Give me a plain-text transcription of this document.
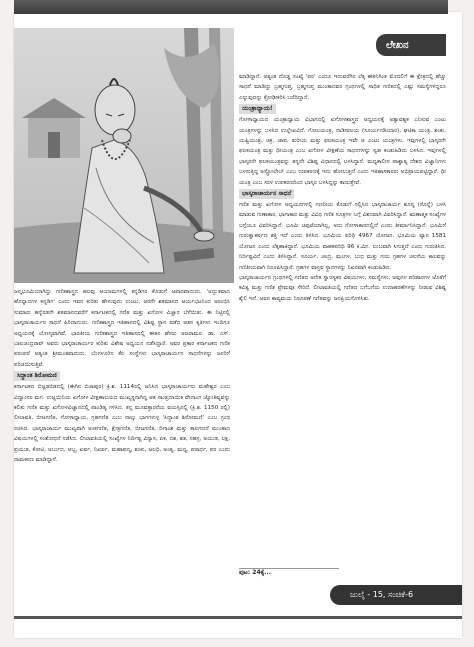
ಲೇಖನ

ಮಾಡಿದ್ದಾನೆ. ಅತ್ಯಂತ ದೊಡ್ಡ ಸಂಖ್ಯೆ 'ಪರ' ಎಂದೂ ಇದುವರೆಗಿನ ಲೆಕ್ಕ ಈತನಿಗಿಂತ ಮೊದಲಿಗೆ ಈ ಕ್ಷೇತ್ರದಲ್ಲಿ ಹೆಚ್ಚು ಸಾಧನೆ ಮಾಡಿದ್ದು ಬ್ರಹ್ಮಗುಪ್ತ. ಬ್ರಹ್ಮಗುಪ್ತ ಮುಂತಾದವರ ಗ್ರಂಥಗಳಲ್ಲಿ ಸಾಧಿತ ಗಣಿತದಲ್ಲಿ ಎಷ್ಟು ಸಮಸ್ಯೆಗಳಿದ್ದರೂ ಎನ್ನುವುದನ್ನು ಕ್ರೋಢೀಕರಿಸಿ ಬರೆದಿದ್ದಾನೆ.

ಯಂತ್ರಾಧ್ಯಾಯ!

ಗೋಳಾಧ್ಯಾಯದ ಯಂತ್ರಾಧ್ಯಾಯ ವಿಭಾಗದಲ್ಲಿ ಖಗೋಳಶಾಸ್ತ್ರದ ಅಧ್ಯಯನಕ್ಕೆ ಅತ್ಯಾವಶ್ಯಕ ಎನಿಸುವ ಎಂಟು ಯಂತ್ರಗಳನ್ನು ಬಳಸಿದ ಉಲ್ಲೇಖವಿದೆ. ಗೋಲಯಂತ್ರ, ನಾಡೀವಲಯ (ಸೂರ್ಯಗಡಿಯಾರ), ಘಟಿಕಾ ಯಂತ್ರ, ಶಂಕು, ಯಷ್ಟಿಯಂತ್ರ, ಚಕ್ರ, ಚಾಪ, ತುರೀಯ ಮತ್ತು ಫಲಕಯಂತ್ರ ಇವೇ ಆ ಎಂಟು ಯಂತ್ರಗಳು. ಇವುಗಳಲ್ಲಿ ಭಾಸ್ಕರನೇ ಫಲಕಯಂತ್ರ ಮತ್ತು ಧೀಯಂತ್ರ ಎಂಬ ಖಗೋಳ ವೀಕ್ಷಣೆಯ ಸಾಧನಗಳನ್ನು ಸ್ವತಃ ಕಂಡುಹಿಡಿದು ಬಳಸಿದ. ಇವುಗಳಲ್ಲಿ ಭಾಸ್ಕರನೇ ಫಲಕಯಂತ್ರವನ್ನು ತನ್ನದೇ ವಿಶಿಷ್ಟ ವಿಧಾನದಲ್ಲಿ ಬಳಸಿದ್ದಾನೆ. ಮಧ್ಯಕಾಲೀನ ಪಾಶ್ಚಾತ್ಯ ದೇಶದ ವಿಜ್ಞಾನಿಗಳು ಬಳಸುತ್ತಿದ್ದ ಅಸ್ಟ್ರೋಲೇಬ್ ಎಂಬ ಉಪಕರಣಕ್ಕೆ ಇದು ಹೋಲುತ್ತದೆ ಎಂದು ಇತಿಹಾಸಕಾರರು ಅಭಿಪ್ರಾಯಪಟ್ಟಿದ್ದಾರೆ. ಧೀ ಯಂತ್ರ ಎಂಬ ಸರಳ ಉಪಕರಣದಿಂದ ಭಾಸ್ಕರ ಬಳಸಿದ್ದನ್ನು ಕಾಣುತ್ತೇವೆ.

ಭಾಸ್ಕರಾಚಾರ್ಯನ ಸಾಧನೆ

ಗಣಿತ ಮತ್ತು ಖಗೋಳ ಅಧ್ಯಯನಗಳಲ್ಲಿ ಗಣನೀಯ ಕೊಡುಗೆ ಸಲ್ಲಿಸಿದ ಭಾಸ್ಕರಾಚಾರ್ಯ ಶೂನ್ಯ (ಸೊನ್ನೆ) ಬಳಸಿ ಮಾಡುವ ಗುಣಾಕಾರ, ಭಾಗಾಕಾರ ಮತ್ತು ವಿವಿಧ ಗಣಿತ ಸೂತ್ರಗಳ ಬಗ್ಗೆ ವಿಶದವಾಗಿ ವಿವರಿಸಿದ್ದಾನೆ. ಋಣಾತ್ಮಕ ಸಂಖ್ಯೆಗಳ ಬಗ್ಗೆಯೂ ವಿವರಿಸಿದ್ದಾನೆ. ಭೂಮಿ ಚಪ್ಪಟೆಯಾಗಿಲ್ಲ, ಅದು ಗೋಳಾಕಾರದಲ್ಲಿದೆ ಎಂದು ತೀರ್ಮಾನಿಸಿದ್ದಾನೆ. ಭೂಮಿಗೆ ಗುರುತ್ವಾಕರ್ಷಣ ಶಕ್ತಿ ಇದೆ ಎಂದು ತಿಳಿಸಿದ. ಭೂಮಿಯ ಪರಿಧಿ 4967 ಯೋಜನ. ಭೂಮಿಯ ವ್ಯಾಸ 1581 ಯೋಜನ ಎಂದು ಲೆಕ್ಕಹಾಕಿದ್ದಾನೆ. ಭೂಮಿಯ ವಾಹಕಪರಿಧಿ 96 ಕಿ.ಮೀ. ಲಂಬವಾಗಿ ಸಿಗುತ್ತದೆ ಎಂದು ಗುರುತಿಸಿದ. ನಿರ್ದಿಷ್ಟವಿದೆ ಎಂದು ತಿಳಿಸಿದ್ದಾನೆ. ಸೂರ್ಯ, ಚಂದ್ರ, ಮಂಗಳ, ಬುಧ ಮತ್ತು ಗುರು ಗ್ರಹಗಳ ಚಲನೆಯ ಕಾಲವನ್ನು ಗಣಿತೀಯವಾಗಿ ನಿರೂಪಿಸಿದ್ದಾನೆ. ಗ್ರಹಗಳ ವಾಸ್ತವ ಸ್ಥಾನಗಳನ್ನು ನಿಖರವಾಗಿ ಕಂಡುಹಿಡಿದ.

ಭಾಸ್ಕರಾಚಾರ್ಯನ ಗ್ರಂಥಗಳಲ್ಲಿ ಗಣಿತದ ಅನೇಕ ಸ್ವಾರಸ್ಯಕರ ವಿಷಯಗಳು, ಸಮಸ್ಯೆಗಳು, ಅವುಗಳ ಪರಿಹಾರಗಳ ಜೊತೆಗೆ ಕವಿತ್ವ ಮತ್ತು ಗಣಿತ ಪ್ರೇಮವೂ ಸೇರಿದೆ. ಲೀಲಾವತಿಯಲ್ಲಿ ಗಣಿತದ ಬಗೆಬಗೆಯ ಉದಾಹರಣೆಗಳನ್ನು ನೀಡುವ ವಿಶಿಷ್ಟ ಶೈಲಿ ಇದೆ. ಅವನ ಕಾವ್ಯಮಯ ನಿರೂಪಣೆ ಗಣಿತವನ್ನು ಜನಪ್ರಿಯಗೊಳಿಸಿತು.

ಪುಟ: 24ಕ್ಕೆ...

ಜನ್ಮಭೂಮಿಯಾಗಿದ್ದು ಗಣಿತಶಾಸ್ತ್ರದ ಹಲವು ಆಯಾಮಗಳಲ್ಲಿ ಕನ್ನಡಿಗರ ಕೊಡುಗೆ ಅಪಾರವಾದುದು. 'ಅದ್ಭುತವಾದ ಹೊನ್ನಾದಗಳ ಕನ್ನಡಿಗ' ಎಂದು ಇವನ ಕುರಿತು ಹೇಳುವುದು ಉಂಟು. ಆರನೇ ಶತಮಾನದ ಆರ್ಯಭಟನಿಂದ ಆರಂಭಿಸಿ ಸುಮಾರು ಹನ್ನೆರಡನೇ ಶತಮಾನದವರೆಗೆ ಕರ್ನಾಟಕದಲ್ಲಿ ಗಣಿತ ಮತ್ತು ಖಗೋಳ ವಿಜ್ಞಾನ ಬೆಳೆಯಿತು. ಈ ನಿಟ್ಟಿನಲ್ಲಿ ಭಾಸ್ಕರಾಚಾರ್ಯರ ಸಾಧನೆ ಹಿರಿದಾದುದು. ಗಣಿತಶಾಸ್ತ್ರದ ಇತಿಹಾಸದಲ್ಲಿ ವಿಶಿಷ್ಟ ಸ್ಥಾನ ಪಡೆದ ಆತನ ಕೃತಿಗಳು ಇಂದಿಗೂ ಅಧ್ಯಯನಕ್ಕೆ ಯೋಗ್ಯವಾಗಿವೆ. ಭಾರತೀಯ ಗಣಿತಶಾಸ್ತ್ರದ ಇತಿಹಾಸದಲ್ಲಿ ಈತನ ಹೆಸರು ಅಜರಾಮರ. ಡಾ. ಎಸ್. ಬಾಲಚಂದ್ರರಾವ್ ಅವರು ಭಾಸ್ಕರಾಚಾರ್ಯರ ಕುರಿತು ವಿಶೇಷ ಅಧ್ಯಯನ ನಡೆಸಿದ್ದಾರೆ. ಅವರ ಪ್ರಕಾರ ಕರ್ನಾಟಕದ ಗಣಿತ ಪರಂಪರೆ ಅತ್ಯಂತ ಶ್ರೀಮಂತವಾದುದು. ಬೆಂಗಳೂರಿನ ಕೆಲ ಸಂಸ್ಥೆಗಳು ಭಾಸ್ಕರಾಚಾರ್ಯನ ಸಾಧನೆಗಳನ್ನು ಜನರಿಗೆ ಪರಿಚಯಿಸುತ್ತಿವೆ.

ಸಿದ್ಧಾಂತ ಶಿರೋಮಣಿ

ಕರ್ನಾಟಕದ ಬಿಜ್ಜಡಬಿಡದಲ್ಲಿ (ಈಗಿನ ಬಿಜಾಪುರ) ಕ್ರಿ.ಶ. 1114ರಲ್ಲಿ ಜನಿಸಿದ ಭಾಸ್ಕರಾಚಾರ್ಯನು ಮಹೇಶ್ವರ ಎಂಬ ವಿದ್ವಾಂಸರ ಮಗ. ಉಜ್ಜಯಿನಿಯ ಖಗೋಳ ವೀಕ್ಷಣಾಲಯದ ಮುಖ್ಯಸ್ಥನಾಗಿದ್ದ ಆತ ಸಾಂಪ್ರದಾಯಿಕ ವೇದಾಂಗ ಜ್ಯೋತಿಷ್ಯವನ್ನು ಕಲಿತು ಗಣಿತ ಮತ್ತು ಖಗೋಳವಿಜ್ಞಾನದಲ್ಲಿ ಪಾಂಡಿತ್ಯ ಗಳಿಸಿದ. ತನ್ನ ಮೂವತ್ತಾರನೆಯ ವಯಸ್ಸಿನಲ್ಲಿ (ಕ್ರಿ.ಶ. 1150 ರಲ್ಲಿ) ಲೀಲಾವತಿ, ಬೀಜಗಣಿತ, ಗೋಳಾಧ್ಯಾಯ, ಗ್ರಹಗಣಿತ ಎಂಬ ನಾಲ್ಕು ಭಾಗಗಳುಳ್ಳ 'ಸಿದ್ಧಾಂತ ಶಿರೋಮಣಿ' ಎಂಬ ಗ್ರಂಥ ರಚಿಸಿದ. ಭಾಸ್ಕರಾಚಾರ್ಯ ಮುಖ್ಯವಾಗಿ ಅಂಕಗಣಿತ, ಕ್ಷೇತ್ರಗಣಿತ, ಬೀಜಗಣಿತ, ದಿಗಾಂಶ ಮತ್ತು ಕಾಲಗಣನೆ ಮುಂತಾದ ವಿಷಯಗಳಲ್ಲಿ ಸಂಶೋಧನೆ ನಡೆಸಿದ. ಲೀಲಾವತಿಯಲ್ಲಿ ಸಂಖ್ಯೆಗಳ ನಿರ್ದಿಷ್ಟ ವಿನ್ಯಾಸ, ಏಕ, ದಶ, ಶತ, ಸಹಸ್ರ, ಅಯುತ, ಲಕ್ಷ, ಪ್ರಯುತ, ಕೋಟಿ, ಅರ್ಬುದ, ಅಬ್ಜ, ಖರ್ವ, ನಿಖರ್ವ, ಮಹಾಪದ್ಮ, ಶಂಕು, ಜಲಧಿ, ಅಂತ್ಯ, ಮಧ್ಯ, ಪರಾರ್ಧ, ಪರ ಎಂದು ನಾಮಕರಣ ಮಾಡಿದ್ದಾನೆ.

ಜುಲೈ - 15, ಸಂಚಿಕೆ-6
